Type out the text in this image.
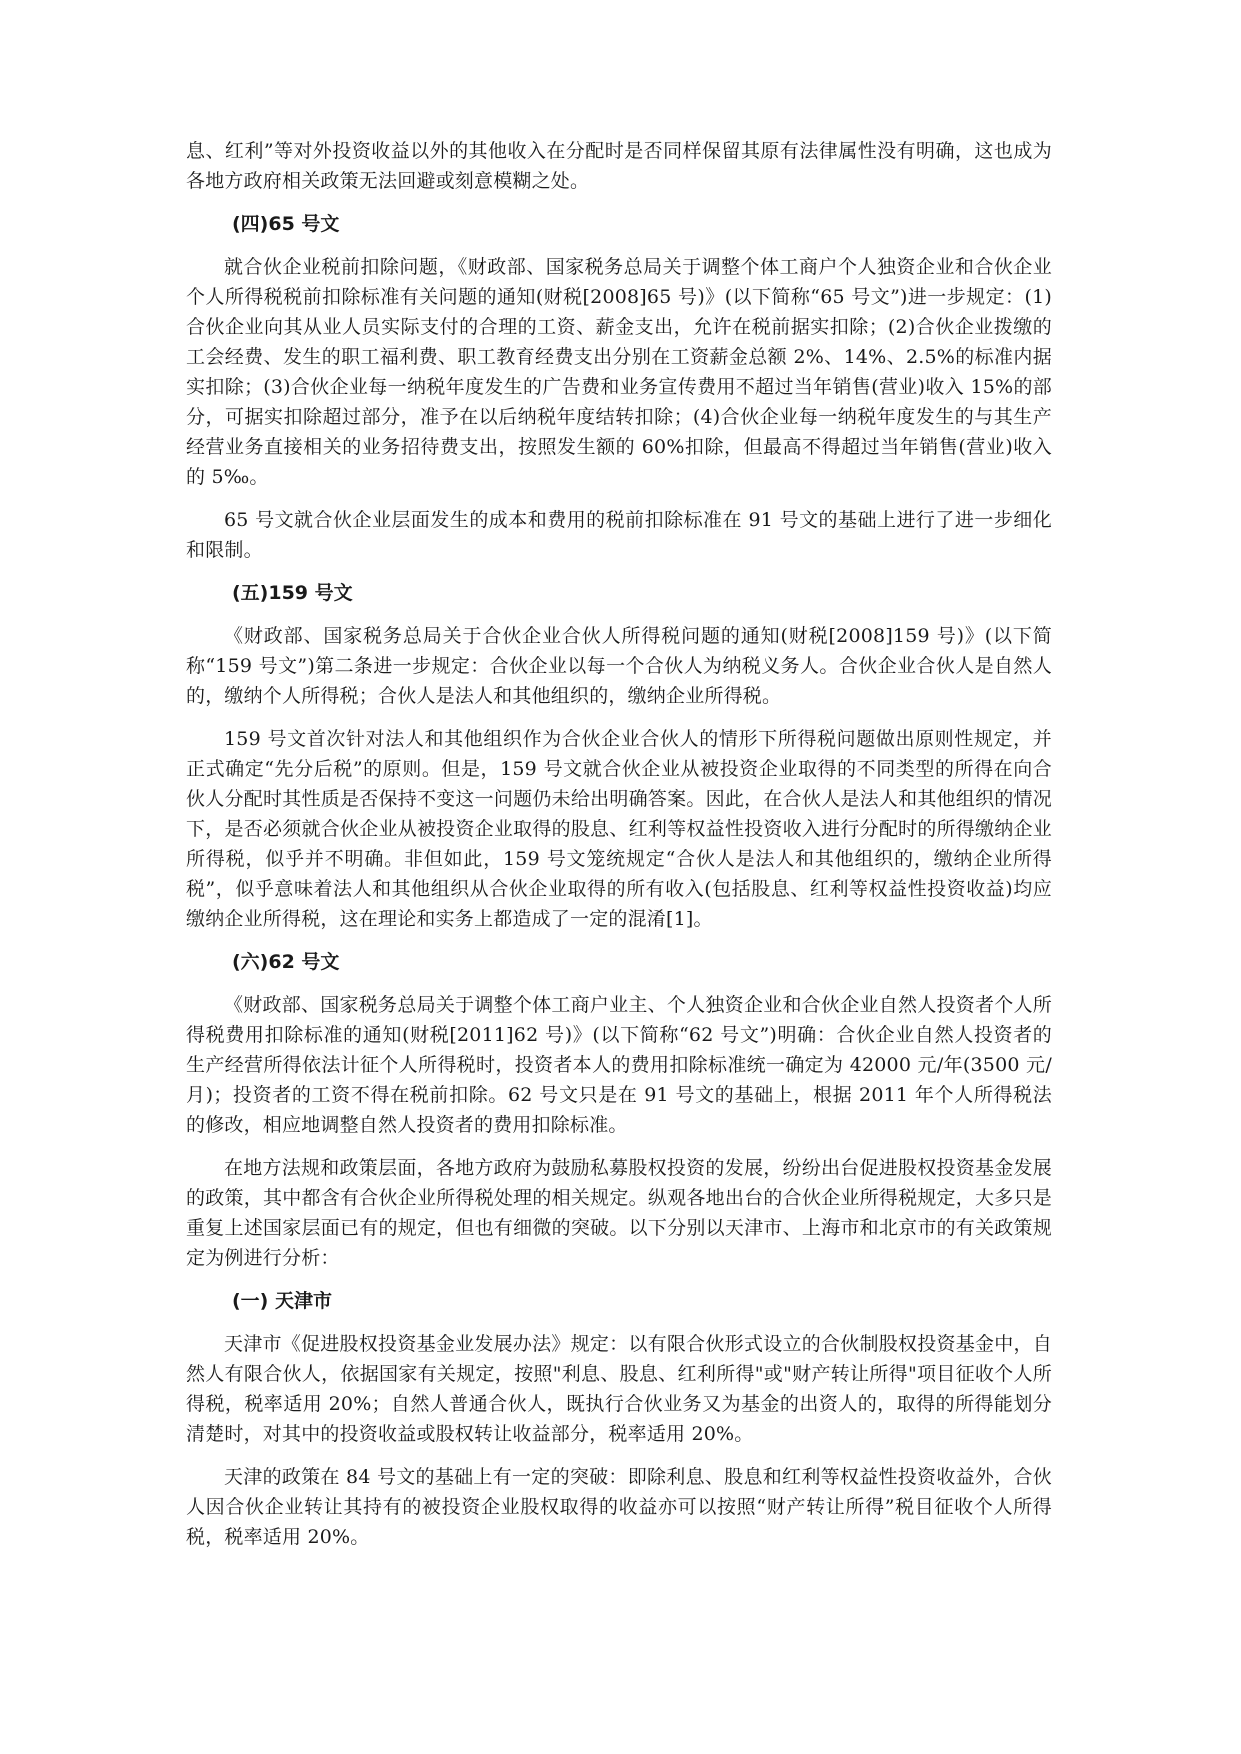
息、红利”等对外投资收益以外的其他收入在分配时是否同样保留其原有法律属性没有明确，这也成为各地方政府相关政策无法回避或刻意模糊之处。

(四)65 号文

就合伙企业税前扣除问题，《财政部、国家税务总局关于调整个体工商户个人独资企业和合伙企业个人所得税税前扣除标准有关问题的通知(财税[2008]65 号)》(以下简称“65 号文”)进一步规定：(1)合伙企业向其从业人员实际支付的合理的工资、薪金支出，允许在税前据实扣除；(2)合伙企业拨缴的工会经费、发生的职工福利费、职工教育经费支出分别在工资薪金总额 2%、14%、2.5%的标准内据实扣除；(3)合伙企业每一纳税年度发生的广告费和业务宣传费用不超过当年销售(营业)收入 15%的部分，可据实扣除超过部分，准予在以后纳税年度结转扣除；(4)合伙企业每一纳税年度发生的与其生产经营业务直接相关的业务招待费支出，按照发生额的 60%扣除，但最高不得超过当年销售(营业)收入的 5‰。

65 号文就合伙企业层面发生的成本和费用的税前扣除标准在 91 号文的基础上进行了进一步细化和限制。

(五)159 号文

《财政部、国家税务总局关于合伙企业合伙人所得税问题的通知(财税[2008]159 号)》(以下简称“159 号文”)第二条进一步规定：合伙企业以每一个合伙人为纳税义务人。合伙企业合伙人是自然人的，缴纳个人所得税；合伙人是法人和其他组织的，缴纳企业所得税。

159 号文首次针对法人和其他组织作为合伙企业合伙人的情形下所得税问题做出原则性规定，并正式确定“先分后税”的原则。但是，159 号文就合伙企业从被投资企业取得的不同类型的所得在向合伙人分配时其性质是否保持不变这一问题仍未给出明确答案。因此，在合伙人是法人和其他组织的情况下，是否必须就合伙企业从被投资企业取得的股息、红利等权益性投资收入进行分配时的所得缴纳企业所得税，似乎并不明确。非但如此，159 号文笼统规定“合伙人是法人和其他组织的，缴纳企业所得税”，似乎意味着法人和其他组织从合伙企业取得的所有收入(包括股息、红利等权益性投资收益)均应缴纳企业所得税，这在理论和实务上都造成了一定的混淆[1]。

(六)62 号文

《财政部、国家税务总局关于调整个体工商户业主、个人独资企业和合伙企业自然人投资者个人所得税费用扣除标准的通知(财税[2011]62 号)》(以下简称“62 号文”)明确：合伙企业自然人投资者的生产经营所得依法计征个人所得税时，投资者本人的费用扣除标准统一确定为 42000 元/年(3500 元/月)；投资者的工资不得在税前扣除。62 号文只是在 91 号文的基础上，根据 2011 年个人所得税法的修改，相应地调整自然人投资者的费用扣除标准。

在地方法规和政策层面，各地方政府为鼓励私募股权投资的发展，纷纷出台促进股权投资基金发展的政策，其中都含有合伙企业所得税处理的相关规定。纵观各地出台的合伙企业所得税规定，大多只是重复上述国家层面已有的规定，但也有细微的突破。以下分别以天津市、上海市和北京市的有关政策规定为例进行分析：

(一) 天津市

天津市《促进股权投资基金业发展办法》规定：以有限合伙形式设立的合伙制股权投资基金中，自然人有限合伙人，依据国家有关规定，按照"利息、股息、红利所得"或"财产转让所得"项目征收个人所得税，税率适用 20%；自然人普通合伙人，既执行合伙业务又为基金的出资人的，取得的所得能划分清楚时，对其中的投资收益或股权转让收益部分，税率适用 20%。

天津的政策在 84 号文的基础上有一定的突破：即除利息、股息和红利等权益性投资收益外，合伙人因合伙企业转让其持有的被投资企业股权取得的收益亦可以按照“财产转让所得”税目征收个人所得税，税率适用 20%。
